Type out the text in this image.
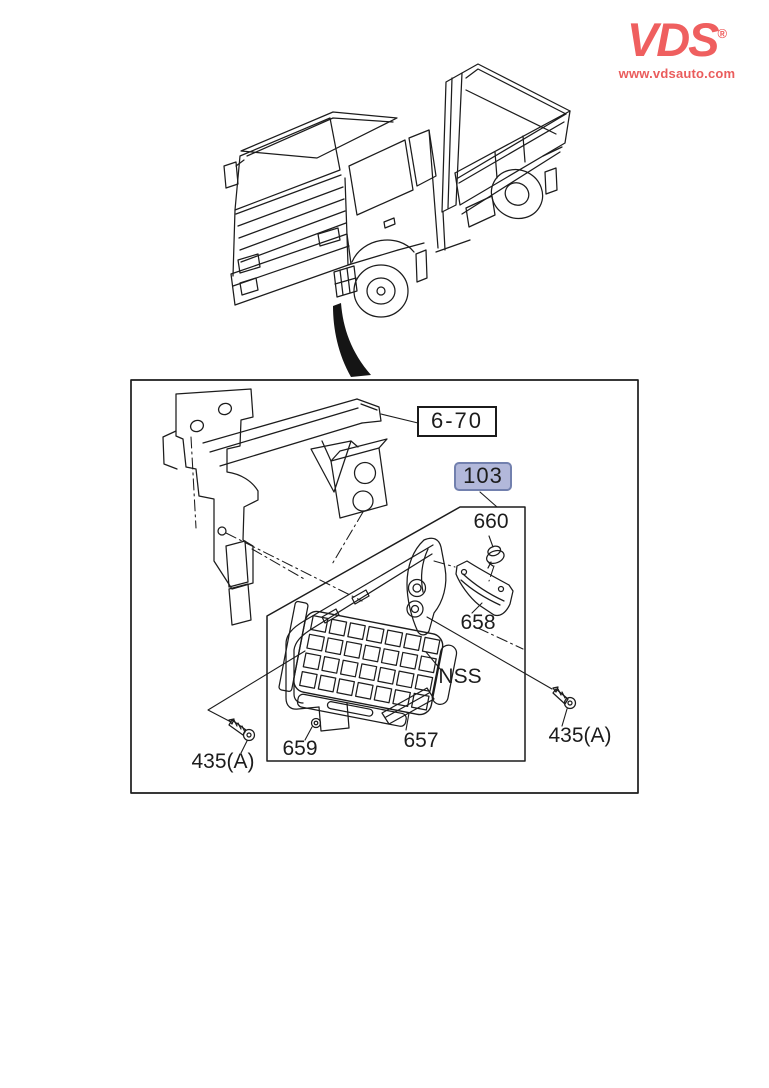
VDS®
www.vdsauto.com
6-70
103
660
658
NSS
657
659
435(A)
435(A)
